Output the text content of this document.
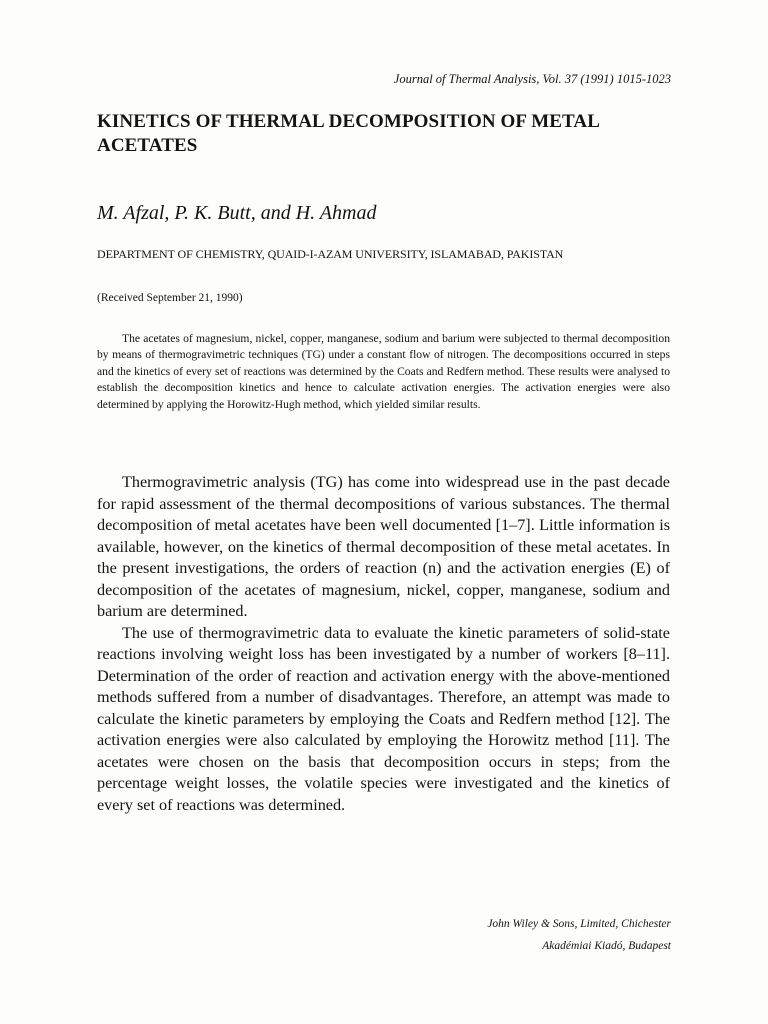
Journal of Thermal Analysis, Vol. 37 (1991) 1015-1023
KINETICS OF THERMAL DECOMPOSITION OF METAL ACETATES
M. Afzal, P. K. Butt, and H. Ahmad
DEPARTMENT OF CHEMISTRY, QUAID-I-AZAM UNIVERSITY, ISLAMABAD, PAKISTAN
(Received September 21, 1990)

The acetates of magnesium, nickel, copper, manganese, sodium and barium were subjected to thermal decomposition by means of thermogravimetric techniques (TG) under a constant flow of nitrogen. The decompositions occurred in steps and the kinetics of every set of reactions was determined by the Coats and Redfern method. These results were analysed to establish the decomposition kinetics and hence to calculate activation energies. The activation energies were also determined by applying the Horowitz-Hugh method, which yielded similar results.

Thermogravimetric analysis (TG) has come into widespread use in the past decade for rapid assessment of the thermal decompositions of various substances. The thermal decomposition of metal acetates have been well documented [1–7]. Little information is available, however, on the kinetics of thermal decomposition of these metal acetates. In the present investigations, the orders of reaction (n) and the activation energies (E) of decomposition of the acetates of magnesium, nickel, copper, manganese, sodium and barium are determined.

The use of thermogravimetric data to evaluate the kinetic parameters of solid-state reactions involving weight loss has been investigated by a number of workers [8–11]. Determination of the order of reaction and activation energy with the above-mentioned methods suffered from a number of disadvantages. Therefore, an attempt was made to calculate the kinetic parameters by employing the Coats and Redfern method [12]. The activation energies were also calculated by employing the Horowitz method [11]. The acetates were chosen on the basis that decomposition occurs in steps; from the percentage weight losses, the volatile species were investigated and the kinetics of every set of reactions was determined.

John Wiley & Sons, Limited, Chichester
Akadémiai Kiadó, Budapest
